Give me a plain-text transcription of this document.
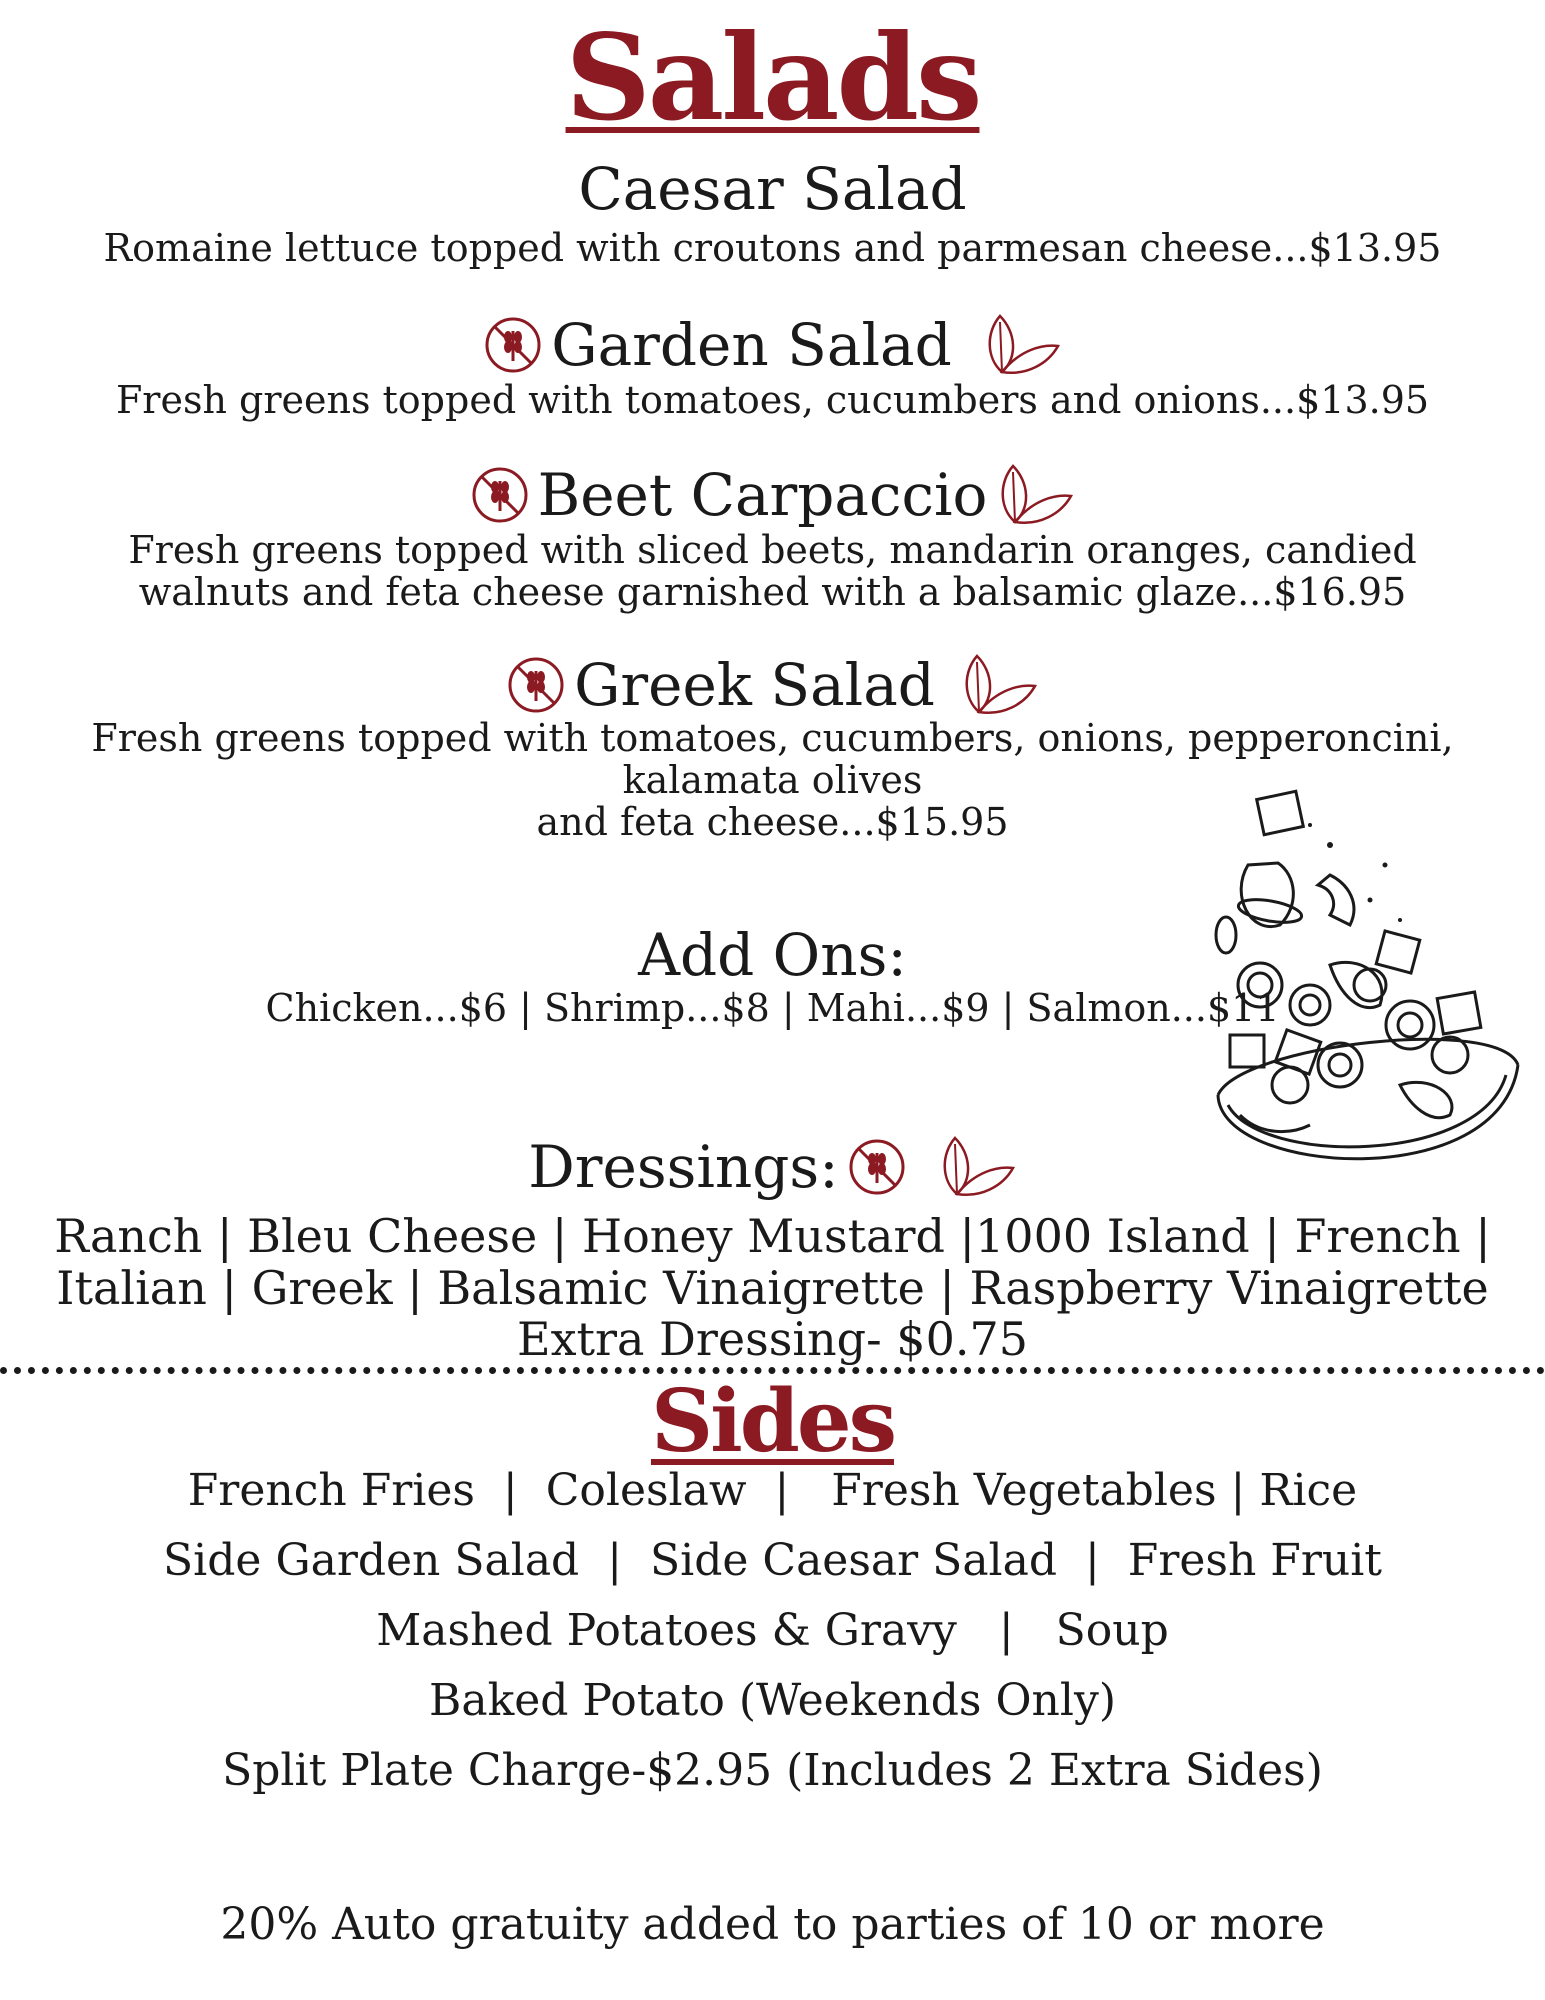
Salads
Caesar Salad
Romaine lettuce topped with croutons and parmesan cheese...$13.95
Garden Salad
Fresh greens topped with tomatoes, cucumbers and onions...$13.95
Beet Carpaccio
Fresh greens topped with sliced beets, mandarin oranges, candied
walnuts and feta cheese garnished with a balsamic glaze...$16.95
Greek Salad
Fresh greens topped with tomatoes, cucumbers, onions, pepperoncini,
kalamata olives
and feta cheese...$15.95
Add Ons:
Chicken...$6 | Shrimp...$8 | Mahi...$9 | Salmon...$11
Dressings:
Ranch | Bleu Cheese | Honey Mustard |1000 Island | French |
Italian | Greek | Balsamic Vinaigrette | Raspberry Vinaigrette
Extra Dressing- $0.75
Sides
French Fries  |  Coleslaw  |   Fresh Vegetables | Rice
Side Garden Salad  |  Side Caesar Salad  |  Fresh Fruit
Mashed Potatoes & Gravy   |   Soup
Baked Potato (Weekends Only)
Split Plate Charge-$2.95 (Includes 2 Extra Sides)
20% Auto gratuity added to parties of 10 or more
